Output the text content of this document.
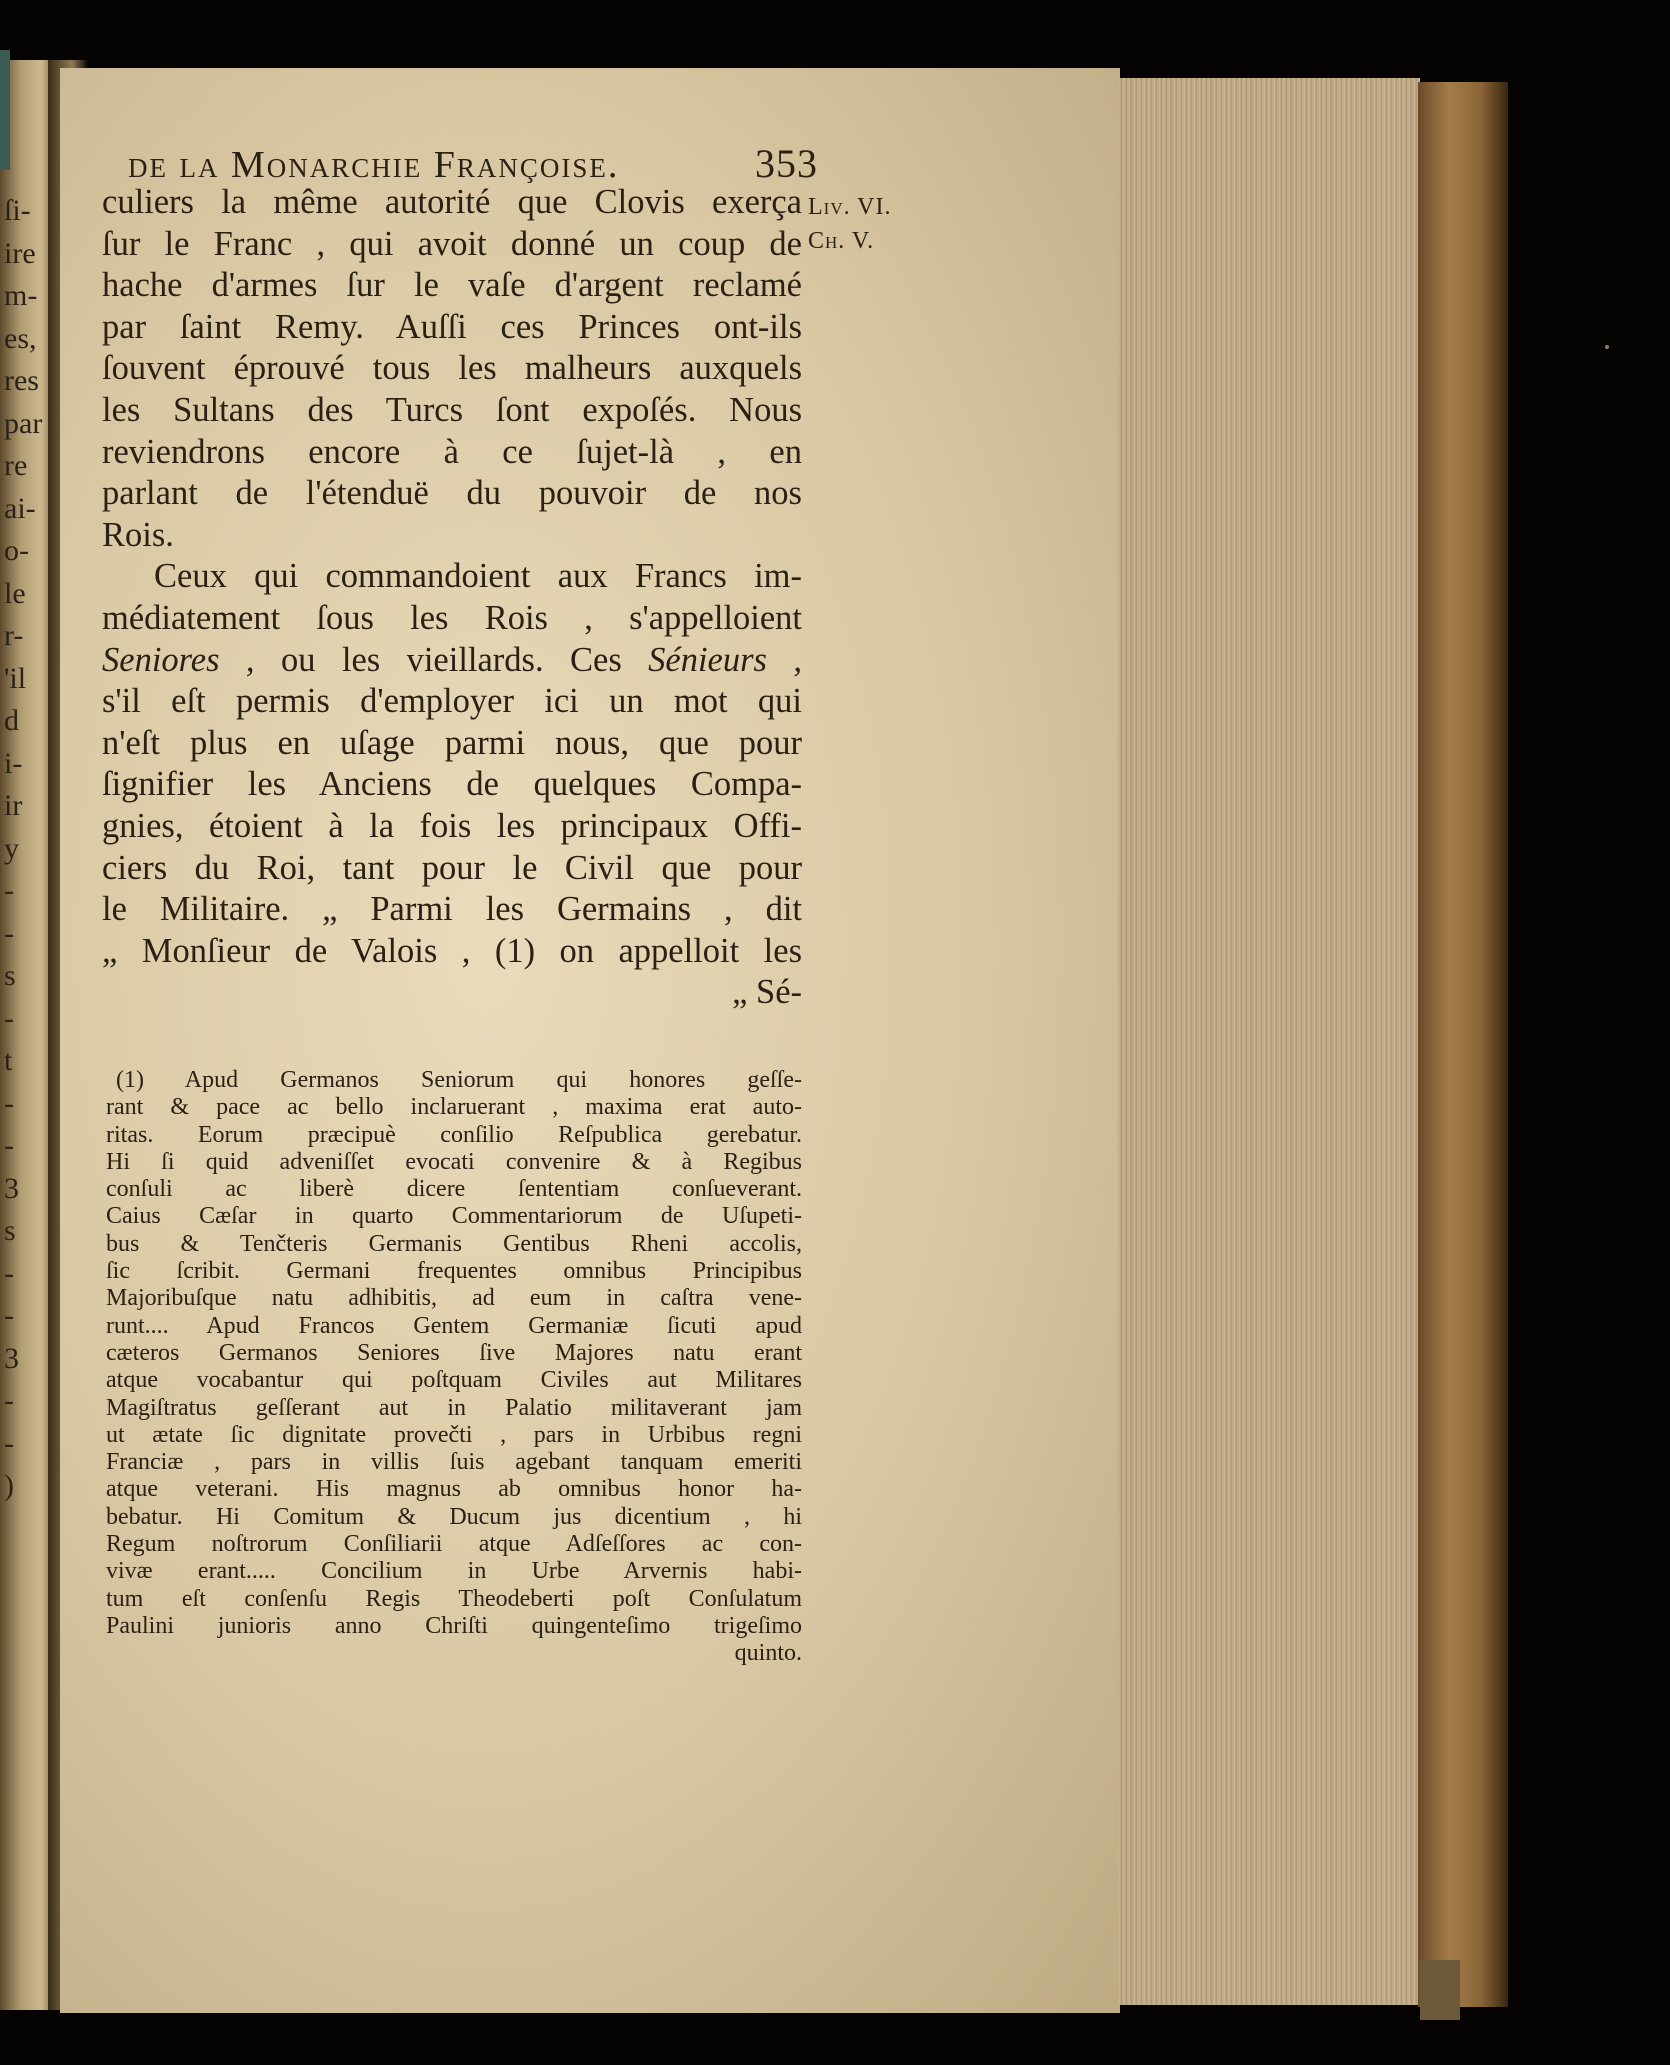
ſi-
ire
m-
es,
res
par
re
ai-
o-
le
r-
'il
d
i-
ir
y
-
-
s
-
t
-
-
3
s
-
-
3
-
-
)
de la Monarchie Françoise.	353
Liv. VI.
Ch. V.
culiers la même autorité que Clovis exerça
ſur le Franc , qui avoit donné un coup de
hache d'armes ſur le vaſe d'argent reclamé
par ſaint Remy. Auſſi ces Princes ont-ils
ſouvent éprouvé tous les malheurs auxquels
les Sultans des Turcs ſont expoſés. Nous
reviendrons encore à ce ſujet-là , en
parlant de l'étenduë du pouvoir de nos
Rois.
Ceux qui commandoient aux Francs im-
médiatement ſous les Rois , s'appelloient
Seniores , ou les vieillards. Ces Sénieurs ,
s'il eſt permis d'employer ici un mot qui
n'eſt plus en uſage parmi nous, que pour
ſignifier les Anciens de quelques Compa-
gnies, étoient à la fois les principaux Offi-
ciers du Roi, tant pour le Civil que pour
le Militaire. „ Parmi les Germains , dit
„ Monſieur de Valois , (1) on appelloit les
„ Sé-
(1) Apud Germanos Seniorum qui honores geſſe-
rant & pace ac bello inclaruerant , maxima erat auto-
ritas. Eorum præcipuè conſilio Reſpublica gerebatur.
Hi ſi quid adveniſſet evocati convenire & à Regibus
conſuli ac liberè dicere ſententiam conſueverant.
Caius Cæſar in quarto Commentariorum de Uſupeti-
bus & Tenčteris Germanis Gentibus Rheni accolis,
ſic ſcribit. Germani frequentes omnibus Principibus
Majoribuſque natu adhibitis, ad eum in caſtra vene-
runt.... Apud Francos Gentem Germaniæ ſicuti apud
cæteros Germanos Seniores ſive Majores natu erant
atque vocabantur qui poſtquam Civiles aut Militares
Magiſtratus geſſerant aut in Palatio militaverant jam
ut ætate ſic dignitate provečti , pars in Urbibus regni
Franciæ , pars in villis ſuis agebant tanquam emeriti
atque veterani. His magnus ab omnibus honor ha-
bebatur. Hi Comitum & Ducum jus dicentium , hi
Regum noſtrorum Conſiliarii atque Adſeſſores ac con-
vivæ erant..... Concilium in Urbe Arvernis habi-
tum eſt conſenſu Regis Theodeberti poſt Conſulatum
Paulini junioris anno Chriſti quingenteſimo trigeſimo
quinto.
